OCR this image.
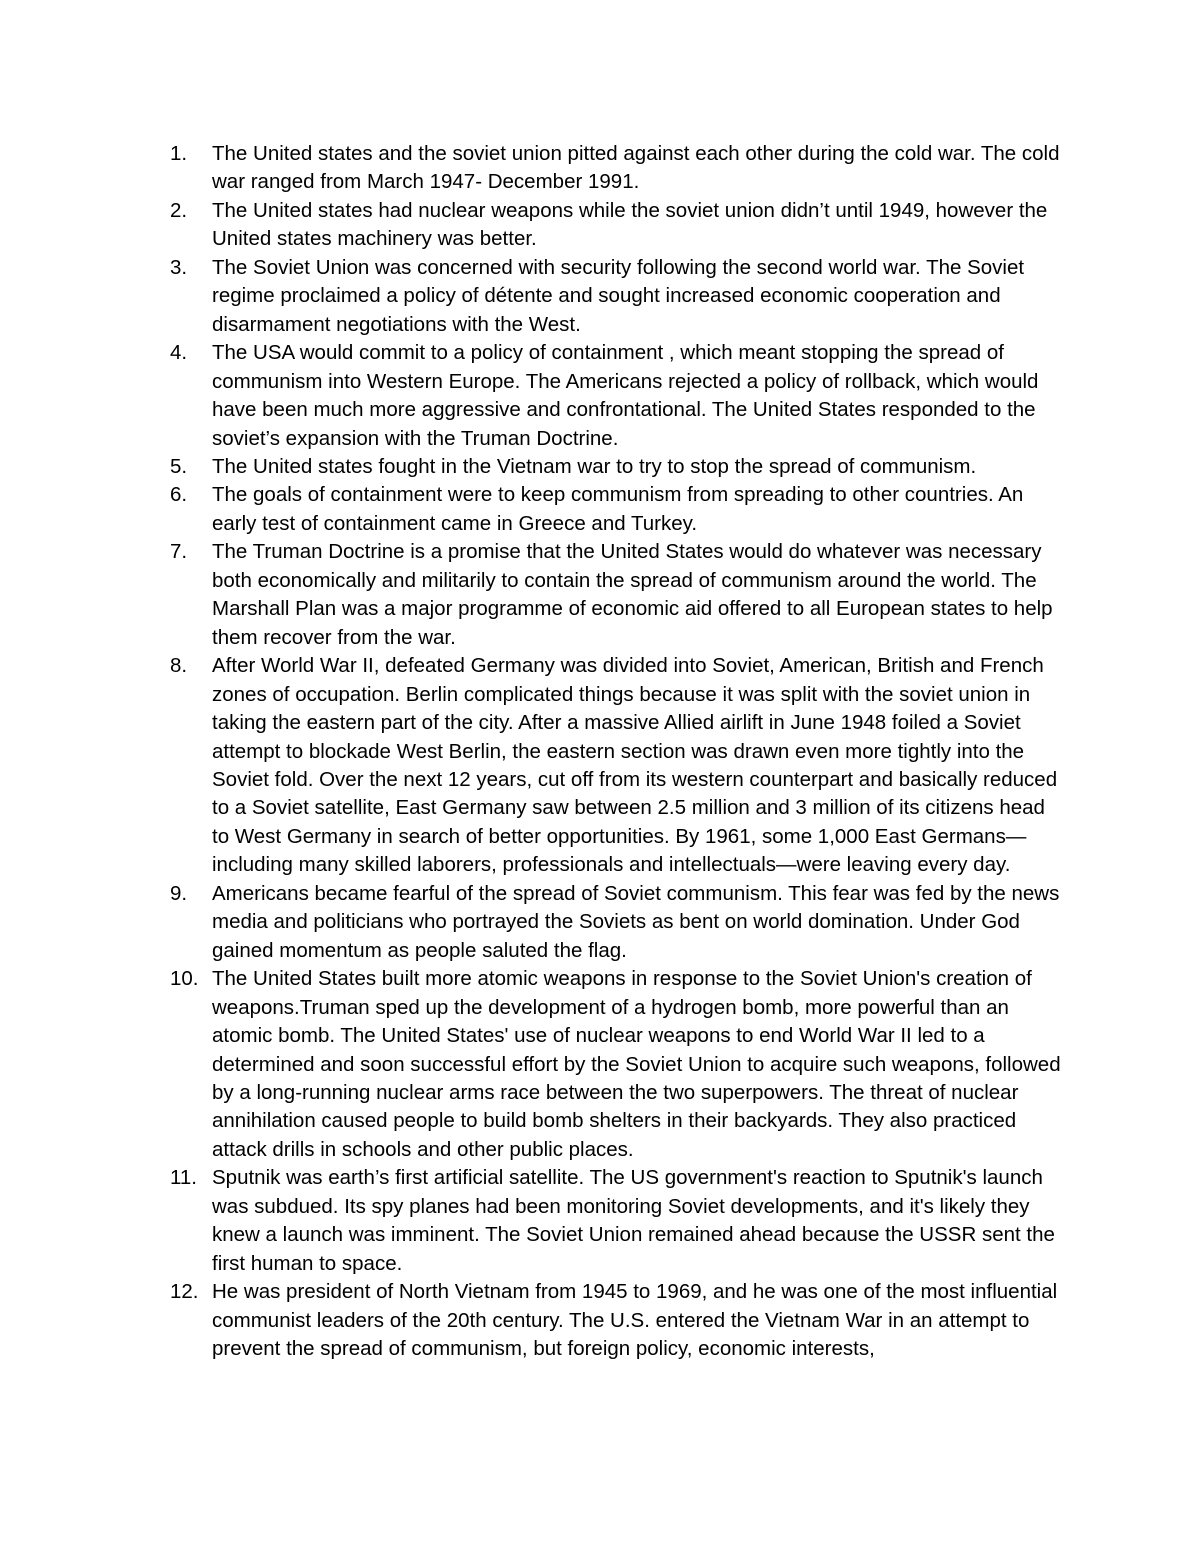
1.	The United states and the soviet union pitted against each other during the cold war. The cold war ranged from March 1947- December 1991.
2.	The United states had nuclear weapons while the soviet union didn’t until 1949, however the United states machinery was better.
3.	The Soviet Union was concerned with security following the second world war. The Soviet regime proclaimed a policy of détente and sought increased economic cooperation and disarmament negotiations with the West.
4.	The USA would commit to a policy of containment , which meant stopping the spread of communism into Western Europe. The Americans rejected a policy of rollback, which would have been much more aggressive and confrontational. The United States responded to the soviet’s expansion with the Truman Doctrine.
5.	The United states fought in the Vietnam war to try to stop the spread of communism.
6.	The goals of containment were to keep communism from spreading to other countries. An early test of containment came in Greece and Turkey.
7.	The Truman Doctrine is a promise that the United States would do whatever was necessary both economically and militarily to contain the spread of communism around the world. The Marshall Plan was a major programme of economic aid offered to all European states to help them recover from the war.
8.	After World War II, defeated Germany was divided into Soviet, American, British and French zones of occupation. Berlin complicated things because it was split with the soviet union in taking the eastern part of the city. After a massive Allied airlift in June 1948 foiled a Soviet attempt to blockade West Berlin, the eastern section was drawn even more tightly into the Soviet fold. Over the next 12 years, cut off from its western counterpart and basically reduced to a Soviet satellite, East Germany saw between 2.5 million and 3 million of its citizens head to West Germany in search of better opportunities. By 1961, some 1,000 East Germans—including many skilled laborers, professionals and intellectuals—were leaving every day.
9.	Americans became fearful of the spread of Soviet communism. This fear was fed by the news media and politicians who portrayed the Soviets as bent on world domination. Under God gained momentum as people saluted the flag.
10. The United States built more atomic weapons in response to the Soviet Union's creation of weapons.Truman sped up the development of a hydrogen bomb, more powerful than an atomic bomb. The United States' use of nuclear weapons to end World War II led to a determined and soon successful effort by the Soviet Union to acquire such weapons, followed by a long-running nuclear arms race between the two superpowers. The threat of nuclear annihilation caused people to build bomb shelters in their backyards. They also practiced attack drills in schools and other public places.
11. Sputnik was earth’s first artificial satellite. The US government's reaction to Sputnik's launch was subdued. Its spy planes had been monitoring Soviet developments, and it's likely they knew a launch was imminent. The Soviet Union remained ahead because the USSR sent the first human to space.
12. He was president of North Vietnam from 1945 to 1969, and he was one of the most influential communist leaders of the 20th century. The U.S. entered the Vietnam War in an attempt to prevent the spread of communism, but foreign policy, economic interests,
